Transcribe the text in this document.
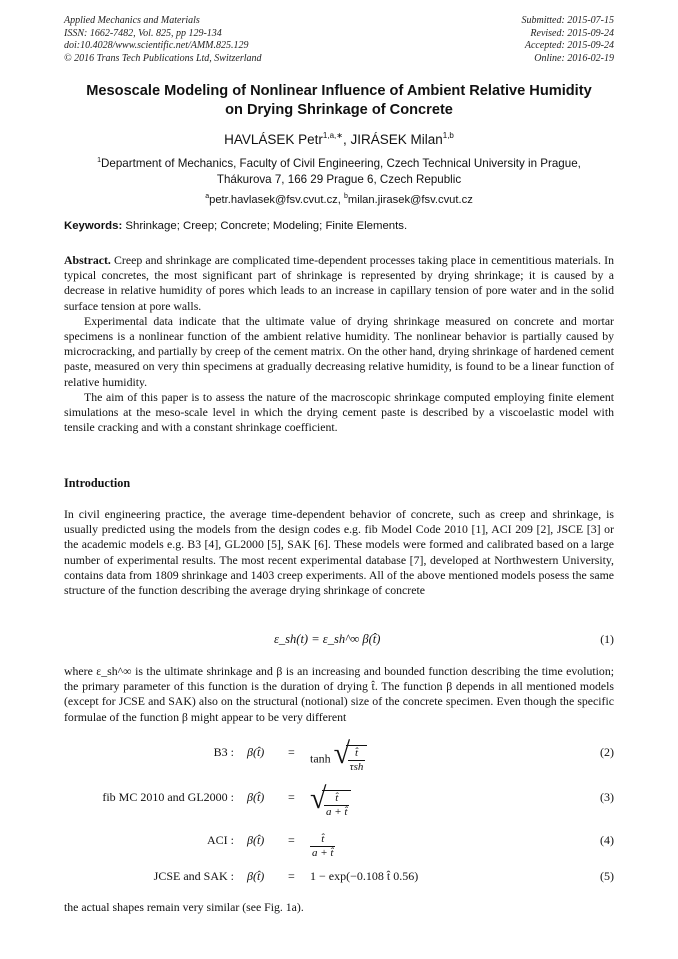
Applied Mechanics and Materials
ISSN: 1662-7482, Vol. 825, pp 129-134
doi:10.4028/www.scientific.net/AMM.825.129
© 2016 Trans Tech Publications Ltd, Switzerland
Submitted: 2015-07-15
Revised: 2015-09-24
Accepted: 2015-09-24
Online: 2016-02-19
Mesoscale Modeling of Nonlinear Influence of Ambient Relative Humidity
on Drying Shrinkage of Concrete
HAVLÁSEK Petr$^{1,a,∗}$, JIRÁSEK Milan$^{1,b}$
$^1$Department of Mechanics, Faculty of Civil Engineering, Czech Technical University in Prague,
Thákurova 7, 166 29 Prague 6, Czech Republic
$^a$petr.havlasek@fsv.cvut.cz, $^b$milan.jirasek@fsv.cvut.cz
Keywords: Shrinkage; Creep; Concrete; Modeling; Finite Elements.

Abstract. Creep and shrinkage are complicated time-dependent processes taking place in cementitious materials. In typical concretes, the most significant part of shrinkage is represented by drying shrinkage; it is caused by a decrease in relative humidity of pores which leads to an increase in capillary tension of pore water and in the solid surface tension at pore walls.

Experimental data indicate that the ultimate value of drying shrinkage measured on concrete and mortar specimens is a nonlinear function of the ambient relative humidity. The nonlinear behavior is partially caused by microcracking, and partially by creep of the cement matrix. On the other hand, drying shrinkage of hardened cement paste, measured on very thin specimens at gradually decreasing relative humidity, is found to be a linear function of relative humidity.

The aim of this paper is to assess the nature of the macroscopic shrinkage computed employing finite element simulations at the meso-scale level in which the drying cement paste is described by a viscoelastic model with tensile cracking and with a constant shrinkage coefficient.

Introduction

In civil engineering practice, the average time-dependent behavior of concrete, such as creep and shrinkage, is usually predicted using the models from the design codes e.g. fib Model Code 2010 [1], ACI 209 [2], JSCE [3] or the academic models e.g. B3 [4], GL2000 [5], SAK [6]. These models were formed and calibrated based on a large number of experimental results. The most recent experimental database [7], developed at Northwestern University, contains data from 1809 shrinkage and 1403 creep experiments. All of the above mentioned models posess the same structure of the function describing the average drying shrinkage of concrete

ε_sh(t) = ε_sh^∞ β(t̂)	(1)

where ε_sh^∞ is the ultimate shrinkage and β is an increasing and bounded function describing the time evolution; the primary parameter of this function is the duration of drying t̂. The function β depends in all mentioned models (except for JCSE and SAK) also on the structural (notional) size of the concrete specimen. Even though the specific formulae of the function β might appear to be very different

B3 : β(t̂) = tanh √
$\frac{t̂}{\text{τsh}}$	(2)
fib MC 2010 and GL2000 : β(t̂) = √
$\frac{t̂}{a + t̂}$	(3)
ACI : β(t̂) = $\frac{t̂}{a + t̂}$	(4)
JCSE and SAK : β(t̂) = 1 − exp(−0.108 t̂ 0.56)	(5)
the actual shapes remain very similar (see Fig. 1a).
